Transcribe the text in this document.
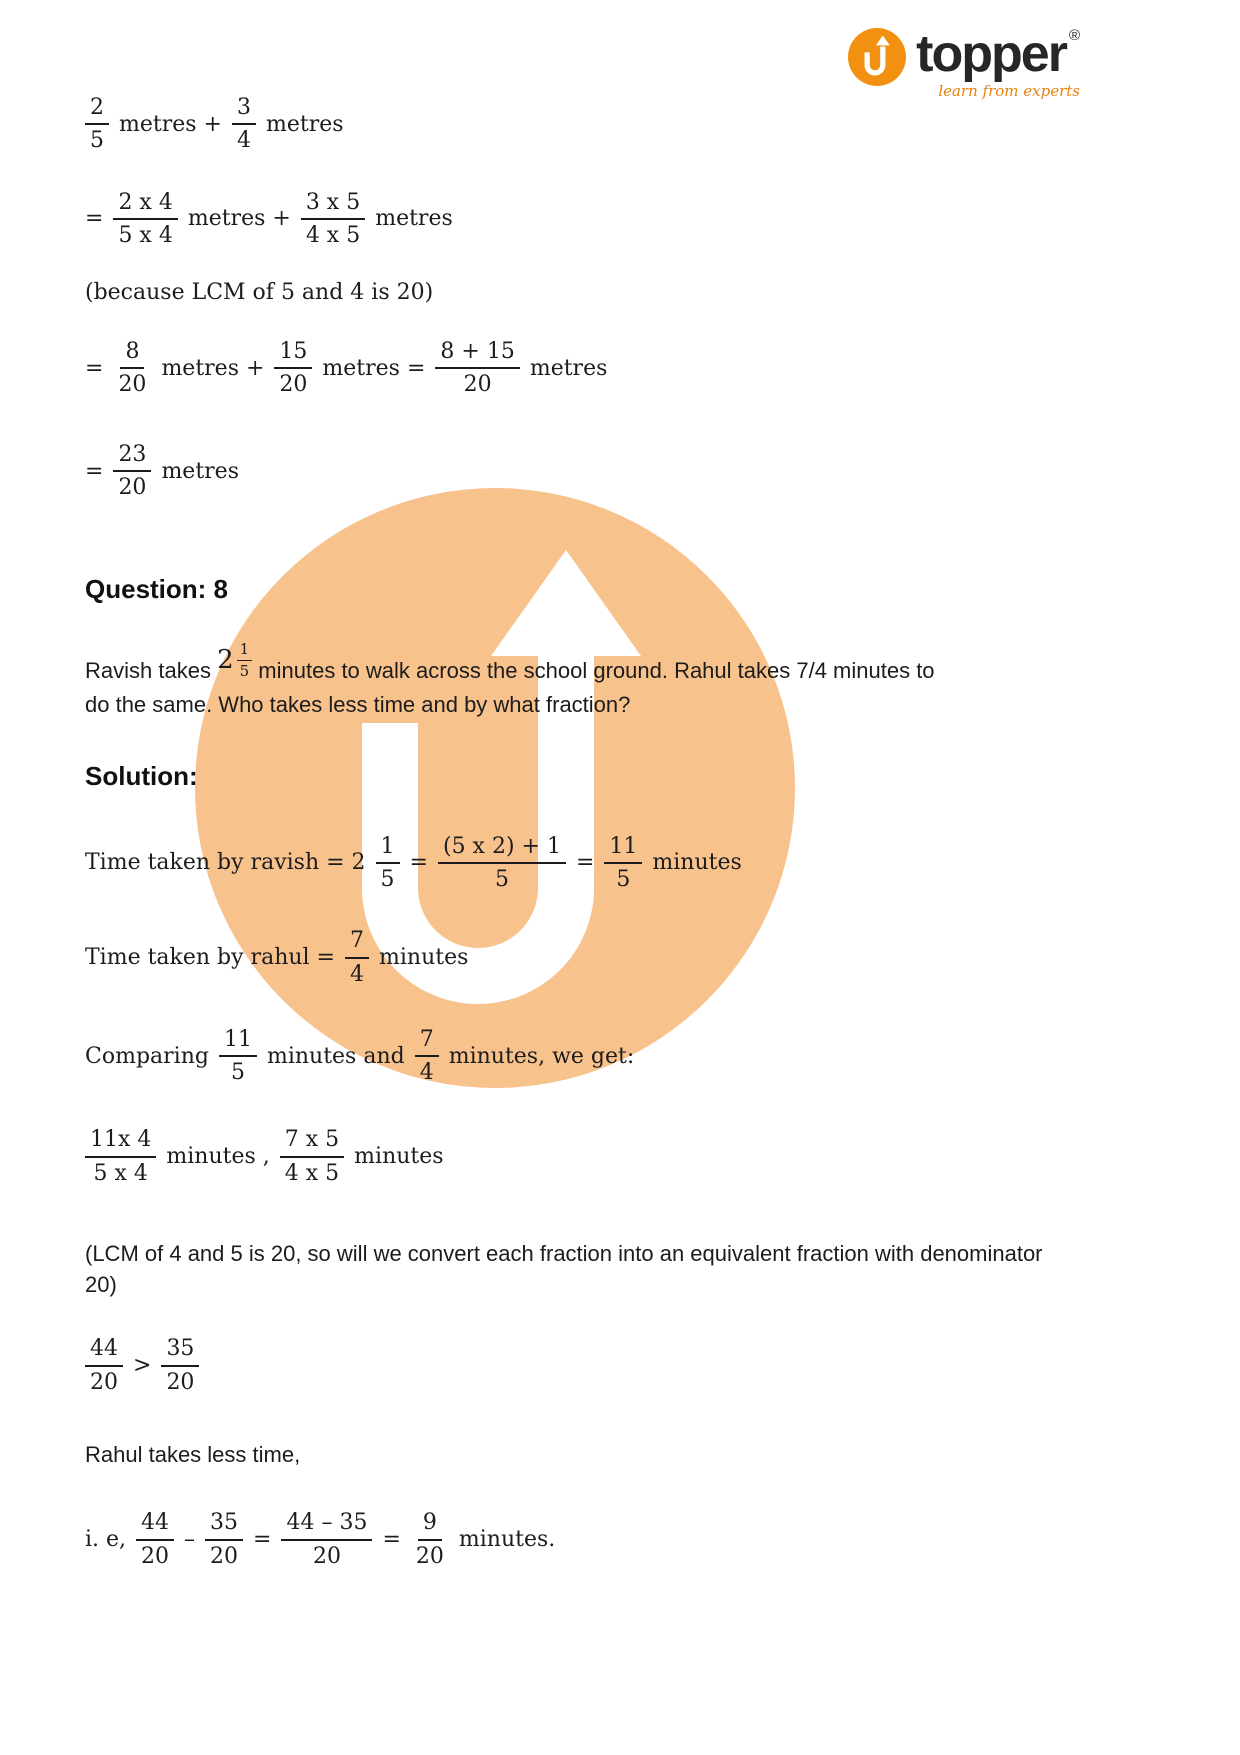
topper ®
learn from experts
$\frac{2}{5}$ metres + $\frac{3}{4}$ metres
= $\frac{2 x 4}{5 x 4}$ metres + $\frac{3 x 5}{4 x 5}$ metres

(because LCM of 5 and 4 is 20)

= $\frac{8}{20}$ metres + $\frac{15}{20}$ metres = $\frac{8 + 15}{20}$ metres
= $\frac{23}{20}$ metres
Question: 8

Ravish takes $2 \frac{1}{5}$ minutes to walk across the school ground. Rahul takes 7/4 minutes to do the same. Who takes less time and by what fraction?

Solution:
Time taken by ravish = $2 \frac{1}{5} = \frac{(5 x 2) + 1}{5} = \frac{11}{5}$ minutes
Time taken by rahul = $\frac{7}{4}$ minutes
Comparing $\frac{11}{5}$ minutes and $\frac{7}{4}$ minutes, we get:
$\frac{11x 4}{5 x 4}$ minutes , $\frac{7 x 5}{4 x 5}$ minutes

(LCM of 4 and 5 is 20, so will we convert each fraction into an equivalent fraction with denominator 20)

$\frac{44}{20} > \frac{35}{20}$

Rahul takes less time,

i. e, $\frac{44}{20} - \frac{35}{20} = \frac{44 - 35}{20} = \frac{9}{20}$ minutes.
